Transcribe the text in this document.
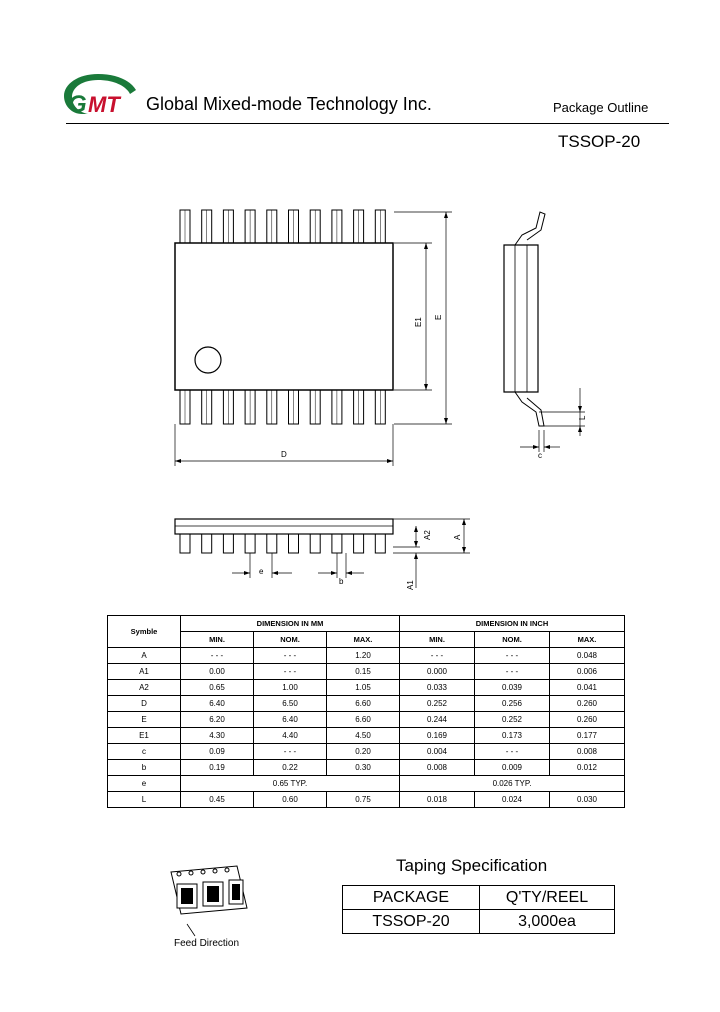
G MT Global Mixed-mode Technology Inc.	Package Outline
TSSOP-20
E1 E
D
L
c
A
A2
A1
e
b
Symble	DIMENSION IN MM			DIMENSION IN INCH		
	MIN.	NOM.	MAX.	MIN.	NOM.	MAX.
A	- - -	- - -	1.20	- - -	- - -	0.048
A1	0.00	- - -	0.15	0.000	- - -	0.006
A2	0.65	1.00	1.05	0.033	0.039	0.041
D	6.40	6.50	6.60	0.252	0.256	0.260
E	6.20	6.40	6.60	0.244	0.252	0.260
E1	4.30	4.40	4.50	0.169	0.173	0.177
c	0.09	- - -	0.20	0.004	- - -	0.008
b	0.19	0.22	0.30	0.008	0.009	0.012
e	0.65 TYP.			0.026 TYP.		
L	0.45	0.60	0.75	0.018	0.024	0.030
Taping Specification
PACKAGE	Q'TY/REEL
TSSOP-20	3,000ea
Feed Direction
